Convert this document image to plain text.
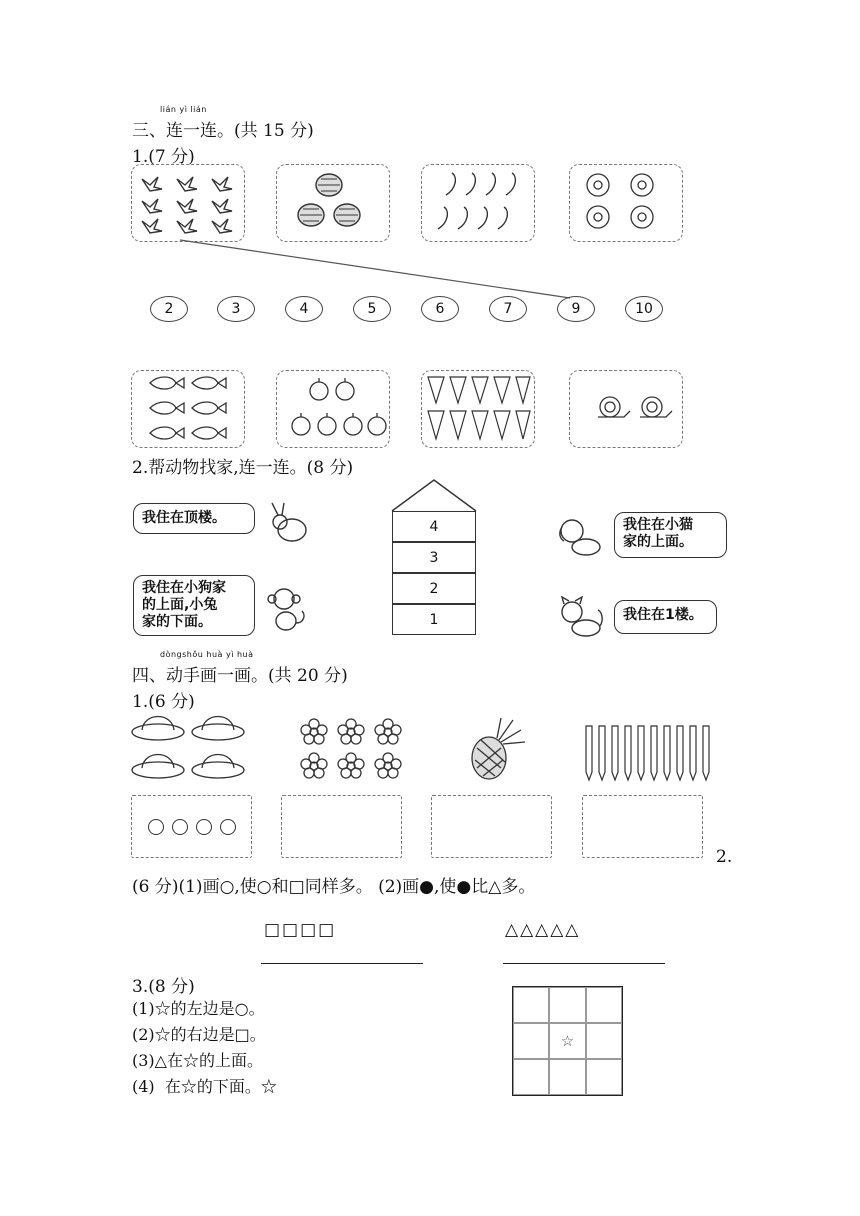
lián yì lián
三、连一连。(共 15 分)
1.(7 分)
2	3	4	5	6	7	9	10
2.帮动物找家,连一连。(8 分)
我住在顶楼。
我住在小狗家
的上面,小兔
家的下面。
4
3
2
1
我住在小猫
家的上面。
我住在1楼。
dòngshǒu huà yì huà
四、动手画一画。(共 20 分)
1.(6 分)
2.
(6 分)(1)画○,使○和□同样多。 (2)画●,使●比△多。
□□□□	△△△△△
3.(8 分)
(1)☆的左边是○。
(2)☆的右边是□。
(3)△在☆的上面。
(4)  在☆的下面。☆
☆
